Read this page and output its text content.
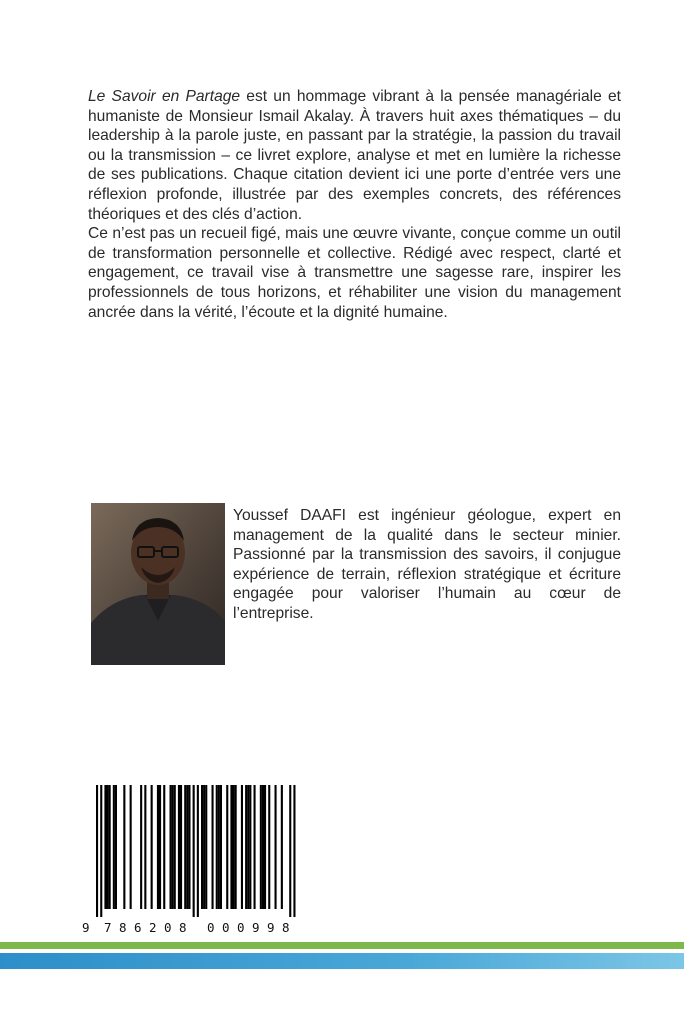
Le Savoir en Partage est un hommage vibrant à la pensée managériale et humaniste de Monsieur Ismail Akalay. À travers huit axes thématiques – du leadership à la parole juste, en passant par la stratégie, la passion du travail ou la transmission – ce livret explore, analyse et met en lumière la richesse de ses publications. Chaque citation devient ici une porte d’entrée vers une réflexion profonde, illustrée par des exemples concrets, des références théoriques et des clés d’action.

Ce n’est pas un recueil figé, mais une œuvre vivante, conçue comme un outil de transformation personnelle et collective. Rédigé avec respect, clarté et engagement, ce travail vise à transmettre une sagesse rare, inspirer les professionnels de tous horizons, et réhabiliter une vision du management ancrée dans la vérité, l’écoute et la dignité humaine.

Youssef DAAFI est ingénieur géologue, expert en management de la qualité dans le secteur minier. Passionné par la transmission des savoirs, il conjugue expérience de terrain, réflexion stratégique et écriture engagée pour valoriser l’humain au cœur de l’entreprise.

9 7 8 6 2 0 8 0 0 0 9 9 8
